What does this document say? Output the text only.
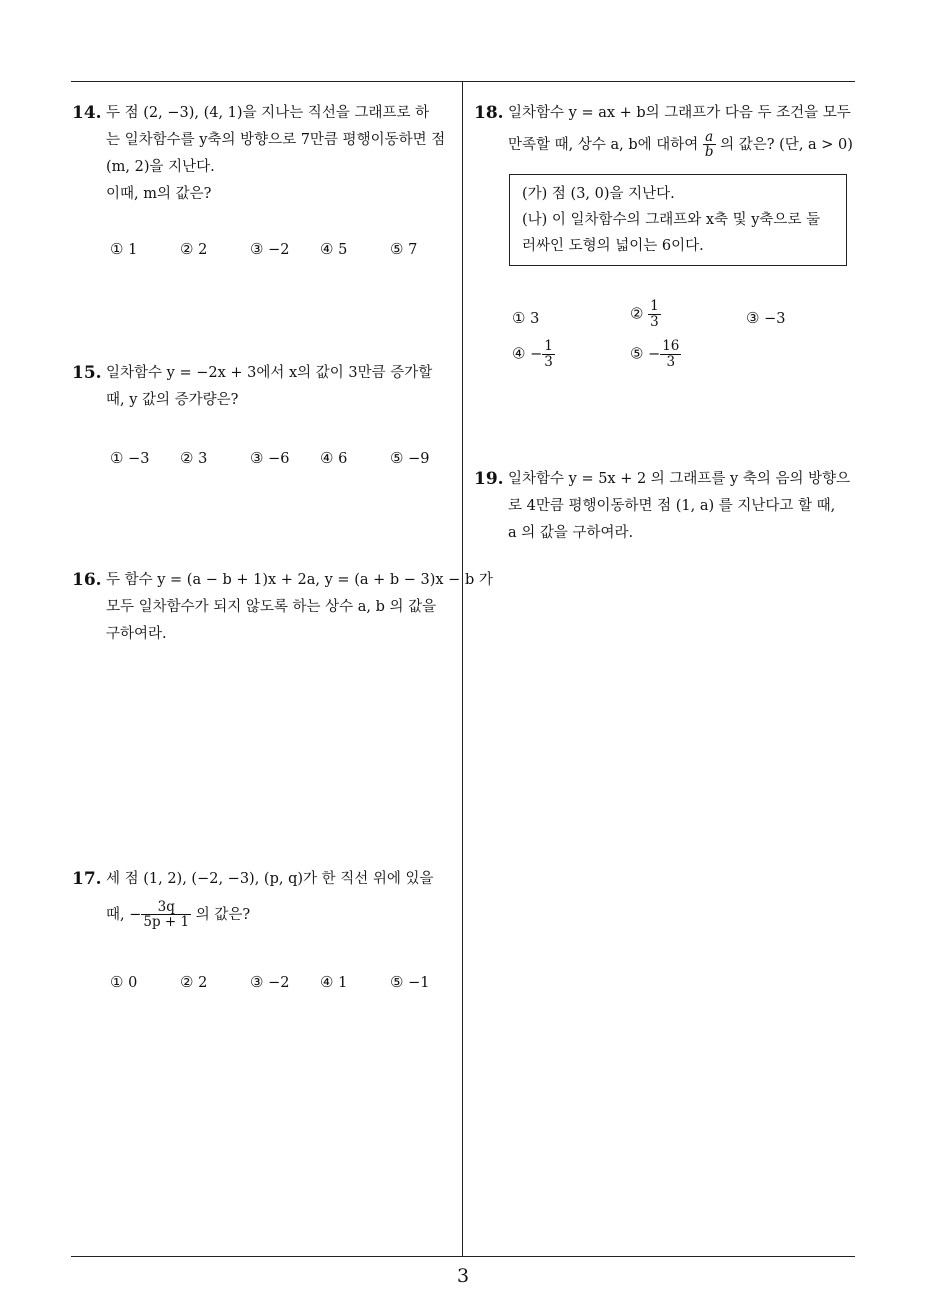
14. 두 점 (2, −3), (4, 1)을 지나는 직선을 그래프로 하
는 일차함수를 y축의 방향으로 7만큼 평행이동하면 점
(m, 2)을 지난다.
이때, m의 값은?
① 1	② 2	③ −2 ④ 5	⑤ 7
15. 일차함수 y = −2x + 3에서 x의 값이 3만큼 증가할
때, y 값의 증가량은?
① −3 ② 3	③ −6 ④ 6	⑤ −9
16. 두 함수 y = (a − b + 1)x + 2a, y = (a + b − 3)x − b 가
모두 일차함수가 되지 않도록 하는 상수 a, b 의 값을
구하여라.
17. 세 점 (1, 2), (−2, −3), (p, q)가 한 직선 위에 있을
때, − $\frac{3q}{5p + 1}$ 의 값은?
① 0	② 2	③ −2 ④ 1	⑤ −1
18. 일차함수 y = ax + b의 그래프가 다음 두 조건을 모두
만족할 때, 상수 a, b에 대하여 $\frac{a}{b}$ 의 값은? (단, a > 0)
(가) 점 (3, 0)을 지난다.
(나) 이 일차함수의 그래프와 x축 및 y축으로 둘
러싸인 도형의 넓이는 6이다.
① 3	② $\frac{1}{3}$	③ −3
④ − $\frac{1}{3}$	⑤ − $\frac{16}{3}$
19. 일차함수 y = 5x + 2 의 그래프를 y 축의 음의 방향으
로 4만큼 평행이동하면 점 (1, a) 를 지난다고 할 때,
a 의 값을 구하여라.
3
